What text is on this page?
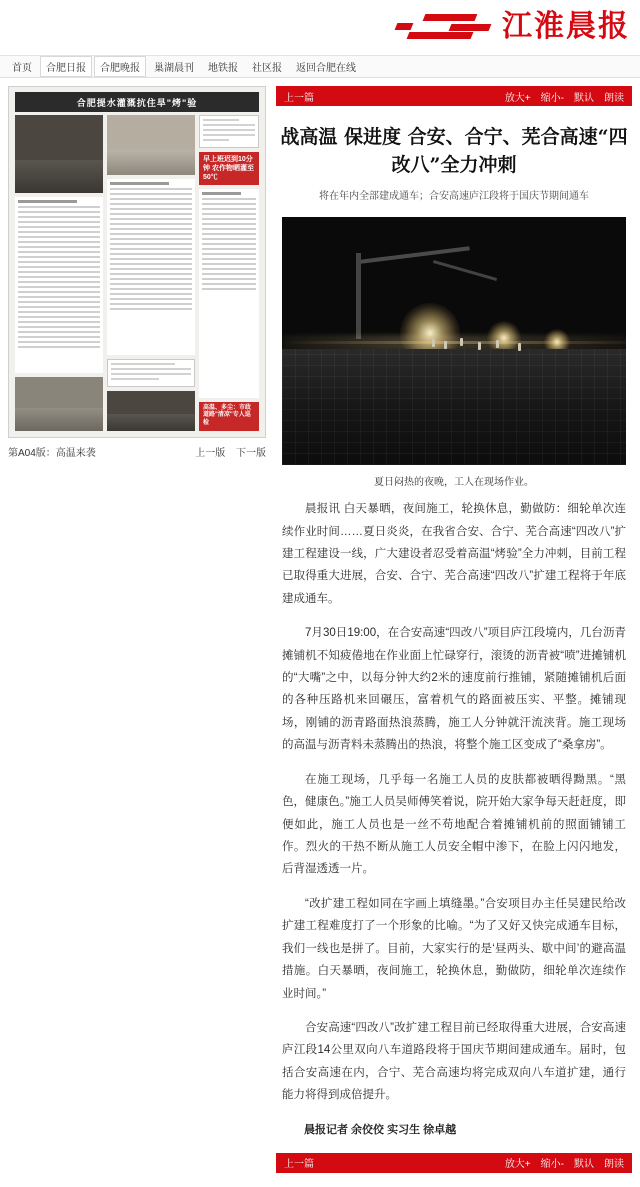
江淮晨报
首页	合肥日报	合肥晚报	巢湖晨刊	地铁报	社区报	返回合肥在线
合肥提水灌溉抗住旱"烤"验
早上班迟到10分钟 农作物晒灌至50℃
高温、多尘：市政道路"清凉"专人巡检
第A04版：高温来袭	上一版 下一版
上一篇	放大+ 缩小- 默认 朗读
战高温 保进度 合安、合宁、芜合高速“四改八”全力冲刺
将在年内全部建成通车；合安高速庐江段将于国庆节期间通车
夏日闷热的夜晚，工人在现场作业。

晨报讯 白天暴晒，夜间施工，轮换休息，勤做防：细轮单次连续作业时间……夏日炎炎，在我省合安、合宁、芜合高速“四改八”扩建工程建设一线，广大建设者忍受着高温“烤验”全力冲刺，目前工程已取得重大进展，合安、合宁、芜合高速“四改八”扩建工程将于年底建成通车。

7月30日19:00，在合安高速“四改八”项目庐江段境内，几台沥青摊铺机不知疲倦地在作业面上忙碌穿行，滚烫的沥青被“喷”进摊铺机的“大嘴”之中，以每分钟大约2米的速度前行推铺，紧随摊铺机后面的各种压路机来回碾压，富着机气的路面被压实、平整。摊铺现场，刚铺的沥青路面热浪蒸腾，施工人分钟就汗流浃背。施工现场的高温与沥青料未蒸腾出的热浪，将整个施工区变成了“桑拿房”。

在施工现场，几乎每一名施工人员的皮肤都被晒得黝黑。“黑色，健康色。”施工人员吴师傅笑着说，院开始大家争每天赶赶度，即便如此，施工人员也是一丝不苟地配合着摊铺机前的照面铺铺工作。烈火的干热不断从施工人员安全帽中渗下，在脸上闪闪地发，后背湿透透一片。

“改扩建工程如同在字画上填缝墨。”合安项目办主任吴建民给改扩建工程难度打了一个形象的比喻。“为了又好又快完成通车目标，我们一线也是拼了。目前，大家实行的是‘昼两头、歇中间’的避高温措施。白天暴晒，夜间施工，轮换休息，勤做防，细轮单次连续作业时间。”

合安高速“四改八”改扩建工程目前已经取得重大进展，合安高速庐江段14公里双向八车道路段将于国庆节期间建成通车。届时，包括合安高速在内，合宁、芜合高速均将完成双向八车道扩建，通行能力将得到成倍提升。

晨报记者 余佼佼 实习生 徐卓越
上一篇	放大+ 缩小- 默认 朗读
